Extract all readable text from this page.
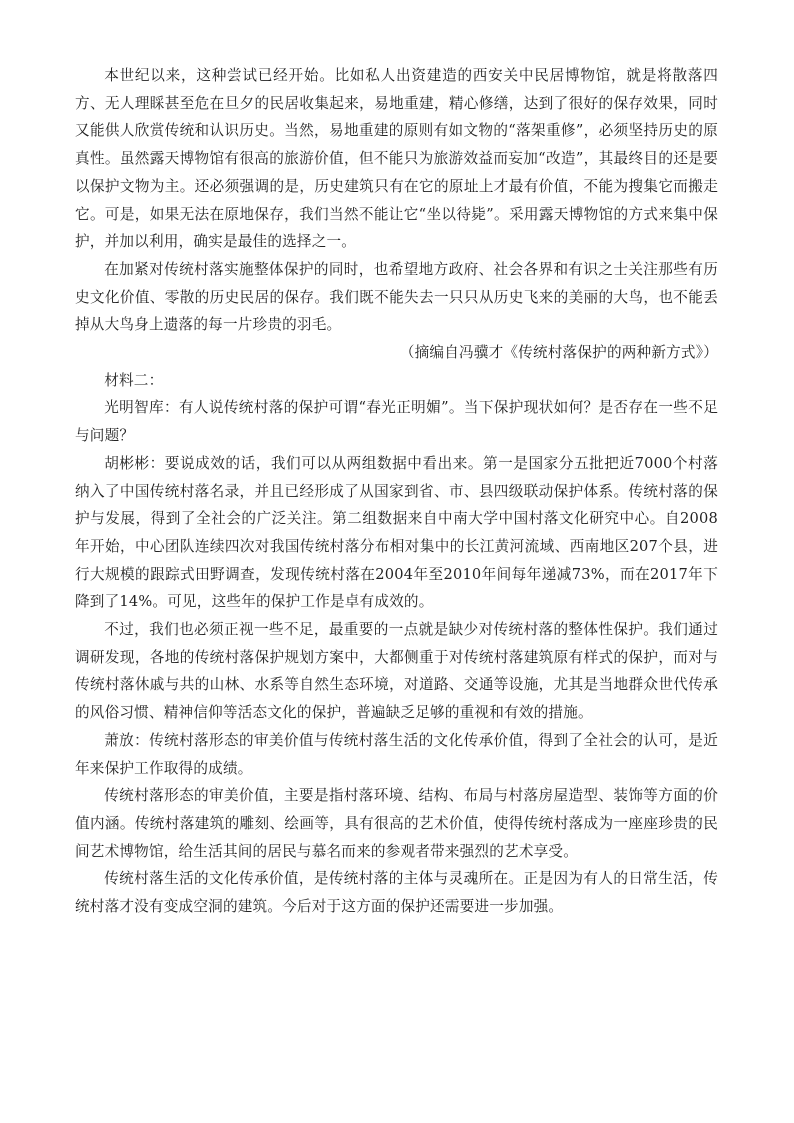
本世纪以来，这种尝试已经开始。比如私人出资建造的西安关中民居博物馆，就是将散落四方、无人理睬甚至危在旦夕的民居收集起来，易地重建，精心修缮，达到了很好的保存效果，同时又能供人欣赏传统和认识历史。当然，易地重建的原则有如文物的“落架重修”，必须坚持历史的原真性。虽然露天博物馆有很高的旅游价值，但不能只为旅游效益而妄加“改造”，其最终目的还是要以保护文物为主。还必须强调的是，历史建筑只有在它的原址上才最有价值，不能为搜集它而搬走它。可是，如果无法在原地保存，我们当然不能让它“坐以待毙”。采用露天博物馆的方式来集中保护，并加以利用，确实是最佳的选择之一。

在加紧对传统村落实施整体保护的同时，也希望地方政府、社会各界和有识之士关注那些有历史文化价值、零散的历史民居的保存。我们既不能失去一只只从历史飞来的美丽的大鸟，也不能丢掉从大鸟身上遗落的每一片珍贵的羽毛。

（摘编自冯骥才《传统村落保护的两种新方式》）

材料二：

光明智库：有人说传统村落的保护可谓“春光正明媚”。当下保护现状如何？是否存在一些不足与问题？

胡彬彬：要说成效的话，我们可以从两组数据中看出来。第一是国家分五批把近7000个村落纳入了中国传统村落名录，并且已经形成了从国家到省、市、县四级联动保护体系。传统村落的保护与发展，得到了全社会的广泛关注。第二组数据来自中南大学中国村落文化研究中心。自2008年开始，中心团队连续四次对我国传统村落分布相对集中的长江黄河流域、西南地区207个县，进行大规模的跟踪式田野调查，发现传统村落在2004年至2010年间每年递减73%，而在2017年下降到了14%。可见，这些年的保护工作是卓有成效的。

不过，我们也必须正视一些不足，最重要的一点就是缺少对传统村落的整体性保护。我们通过调研发现，各地的传统村落保护规划方案中，大都侧重于对传统村落建筑原有样式的保护，而对与传统村落休戚与共的山林、水系等自然生态环境，对道路、交通等设施，尤其是当地群众世代传承的风俗习惯、精神信仰等活态文化的保护，普遍缺乏足够的重视和有效的措施。

萧放：传统村落形态的审美价值与传统村落生活的文化传承价值，得到了全社会的认可，是近年来保护工作取得的成绩。

传统村落形态的审美价值，主要是指村落环境、结构、布局与村落房屋造型、装饰等方面的价值内涵。传统村落建筑的雕刻、绘画等，具有很高的艺术价值，使得传统村落成为一座座珍贵的民间艺术博物馆，给生活其间的居民与慕名而来的参观者带来强烈的艺术享受。

传统村落生活的文化传承价值，是传统村落的主体与灵魂所在。正是因为有人的日常生活，传统村落才没有变成空洞的建筑。今后对于这方面的保护还需要进一步加强。
